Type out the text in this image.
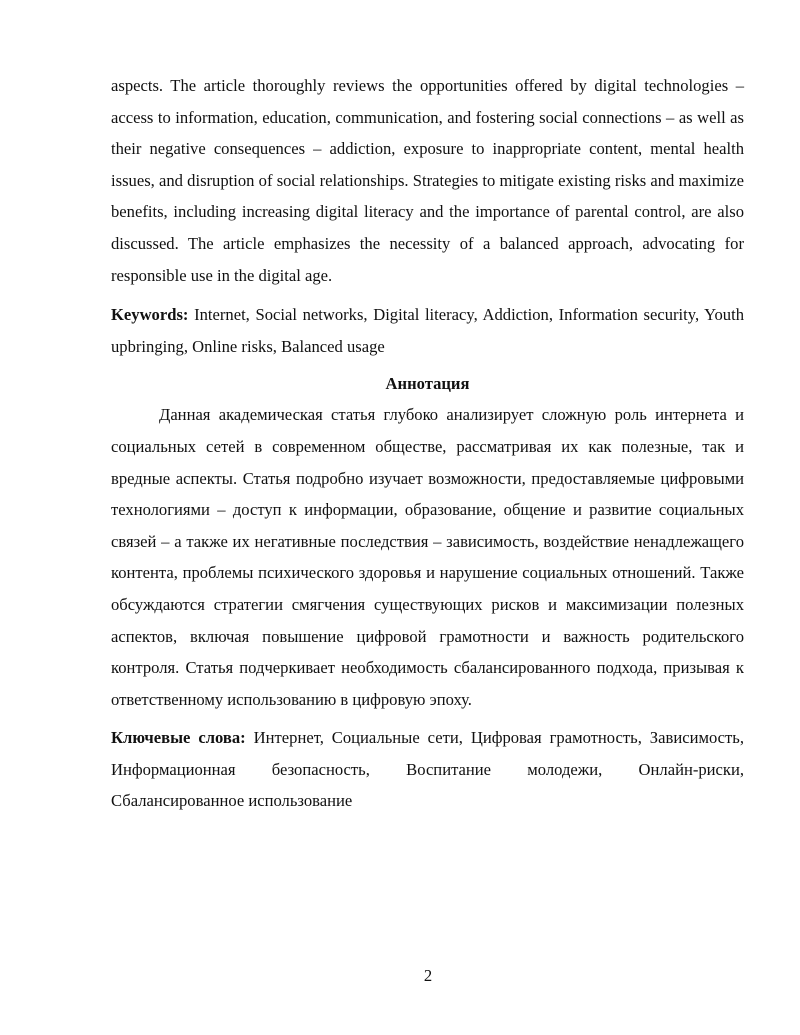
aspects. The article thoroughly reviews the opportunities offered by digital technologies – access to information, education, communication, and fostering social connections – as well as their negative consequences – addiction, exposure to inappropriate content, mental health issues, and disruption of social relationships. Strategies to mitigate existing risks and maximize benefits, including increasing digital literacy and the importance of parental control, are also discussed. The article emphasizes the necessity of a balanced approach, advocating for responsible use in the digital age.

Keywords: Internet, Social networks, Digital literacy, Addiction, Information security, Youth upbringing, Online risks, Balanced usage

Аннотация

Данная академическая статья глубоко анализирует сложную роль интернета и социальных сетей в современном обществе, рассматривая их как полезные, так и вредные аспекты. Статья подробно изучает возможности, предоставляемые цифровыми технологиями – доступ к информации, образование, общение и развитие социальных связей – а также их негативные последствия – зависимость, воздействие ненадлежащего контента, проблемы психического здоровья и нарушение социальных отношений. Также обсуждаются стратегии смягчения существующих рисков и максимизации полезных аспектов, включая повышение цифровой грамотности и важность родительского контроля. Статья подчеркивает необходимость сбалансированного подхода, призывая к ответственному использованию в цифровую эпоху.

Ключевые слова: Интернет, Социальные сети, Цифровая грамотность, Зависимость, Информационная безопасность, Воспитание молодежи, Онлайн-риски, Сбалансированное использование

2
